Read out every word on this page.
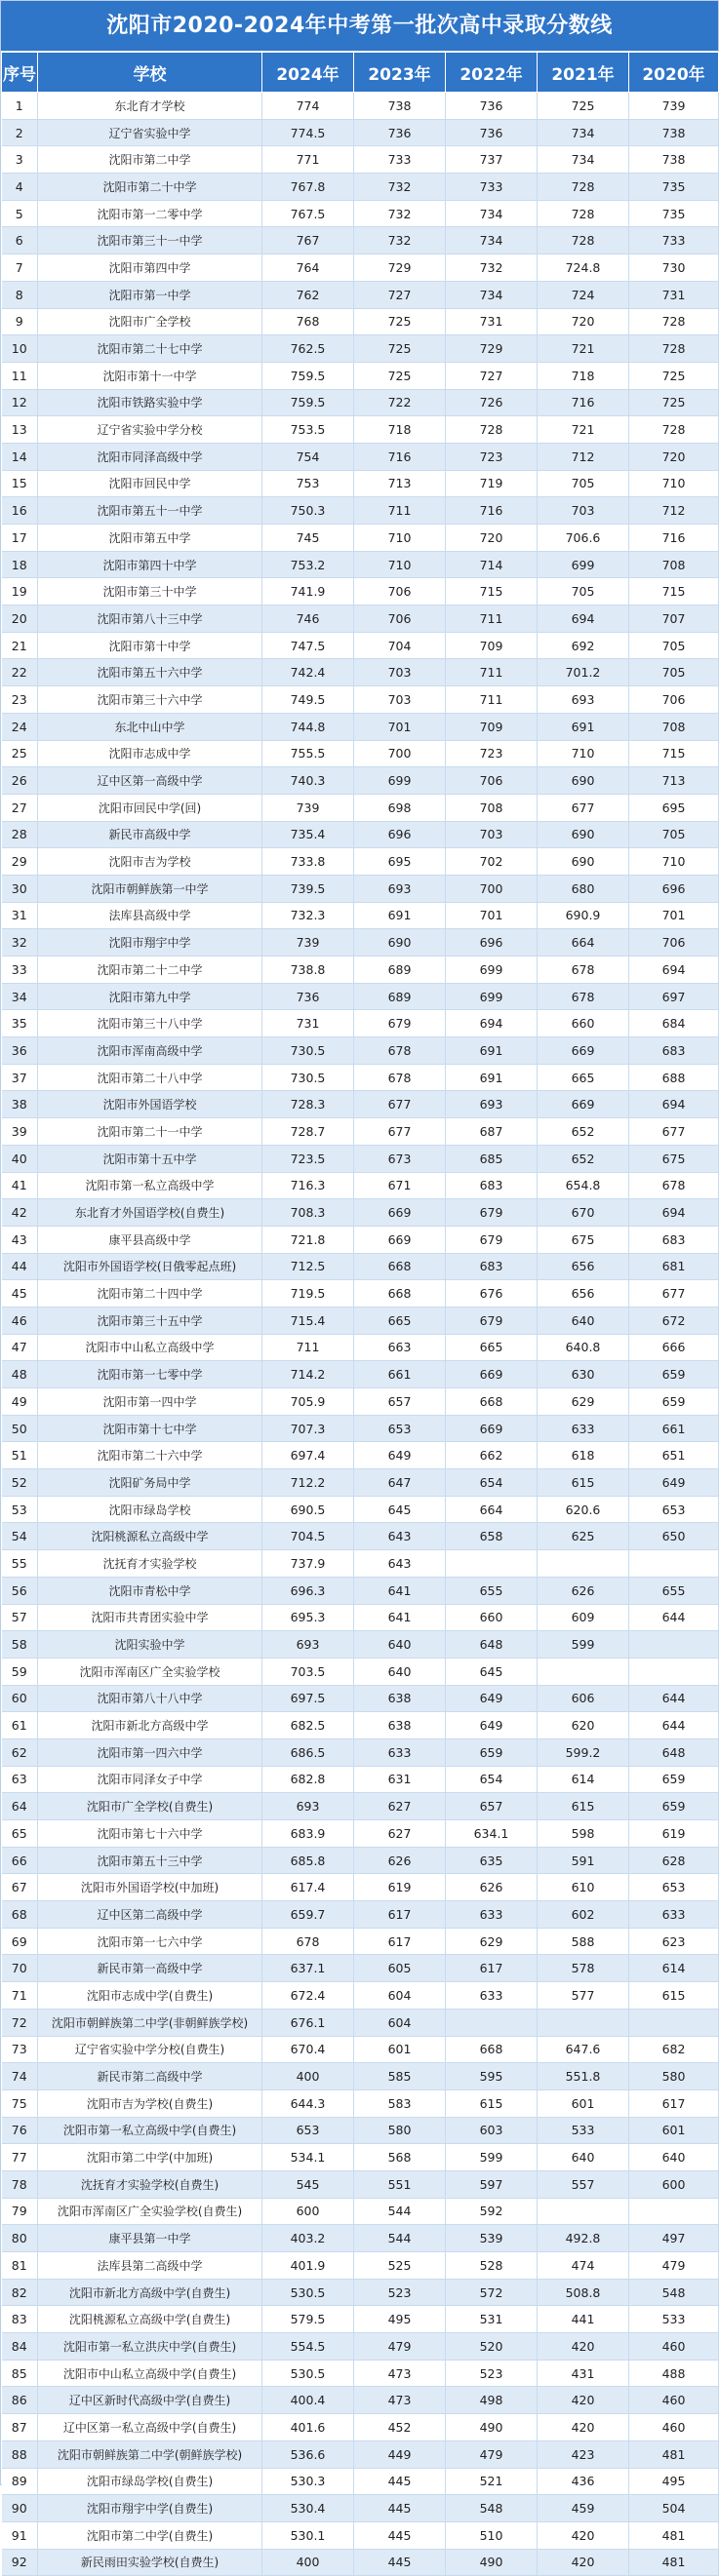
沈阳市2020-2024年中考第一批次高中录取分数线
序号	学校	2024年	2023年	2022年	2021年	2020年
1	东北育才学校	774	738	736	725	739
2	辽宁省实验中学	774.5	736	736	734	738
3	沈阳市第二中学	771	733	737	734	738
4	沈阳市第二十中学	767.8	732	733	728	735
5	沈阳市第一二零中学	767.5	732	734	728	735
6	沈阳市第三十一中学	767	732	734	728	733
7	沈阳市第四中学	764	729	732	724.8	730
8	沈阳市第一中学	762	727	734	724	731
9	沈阳市广全学校	768	725	731	720	728
10	沈阳市第二十七中学	762.5	725	729	721	728
11	沈阳市第十一中学	759.5	725	727	718	725
12	沈阳市铁路实验中学	759.5	722	726	716	725
13	辽宁省实验中学分校	753.5	718	728	721	728
14	沈阳市同泽高级中学	754	716	723	712	720
15	沈阳市回民中学	753	713	719	705	710
16	沈阳市第五十一中学	750.3	711	716	703	712
17	沈阳市第五中学	745	710	720	706.6	716
18	沈阳市第四十中学	753.2	710	714	699	708
19	沈阳市第三十中学	741.9	706	715	705	715
20	沈阳市第八十三中学	746	706	711	694	707
21	沈阳市第十中学	747.5	704	709	692	705
22	沈阳市第五十六中学	742.4	703	711	701.2	705
23	沈阳市第三十六中学	749.5	703	711	693	706
24	东北中山中学	744.8	701	709	691	708
25	沈阳市志成中学	755.5	700	723	710	715
26	辽中区第一高级中学	740.3	699	706	690	713
27	沈阳市回民中学(回)	739	698	708	677	695
28	新民市高级中学	735.4	696	703	690	705
29	沈阳市吉为学校	733.8	695	702	690	710
30	沈阳市朝鲜族第一中学	739.5	693	700	680	696
31	法库县高级中学	732.3	691	701	690.9	701
32	沈阳市翔宇中学	739	690	696	664	706
33	沈阳市第二十二中学	738.8	689	699	678	694
34	沈阳市第九中学	736	689	699	678	697
35	沈阳市第三十八中学	731	679	694	660	684
36	沈阳市浑南高级中学	730.5	678	691	669	683
37	沈阳市第二十八中学	730.5	678	691	665	688
38	沈阳市外国语学校	728.3	677	693	669	694
39	沈阳市第二十一中学	728.7	677	687	652	677
40	沈阳市第十五中学	723.5	673	685	652	675
41	沈阳市第一私立高级中学	716.3	671	683	654.8	678
42	东北育才外国语学校(自费生)	708.3	669	679	670	694
43	康平县高级中学	721.8	669	679	675	683
44	沈阳市外国语学校(日俄零起点班)	712.5	668	683	656	681
45	沈阳市第二十四中学	719.5	668	676	656	677
46	沈阳市第三十五中学	715.4	665	679	640	672
47	沈阳市中山私立高级中学	711	663	665	640.8	666
48	沈阳市第一七零中学	714.2	661	669	630	659
49	沈阳市第一四中学	705.9	657	668	629	659
50	沈阳市第十七中学	707.3	653	669	633	661
51	沈阳市第二十六中学	697.4	649	662	618	651
52	沈阳矿务局中学	712.2	647	654	615	649
53	沈阳市绿岛学校	690.5	645	664	620.6	653
54	沈阳桃源私立高级中学	704.5	643	658	625	650
55	沈抚育才实验学校	737.9	643			
56	沈阳市青松中学	696.3	641	655	626	655
57	沈阳市共青团实验中学	695.3	641	660	609	644
58	沈阳实验中学	693	640	648	599	
59	沈阳市浑南区广全实验学校	703.5	640	645		
60	沈阳市第八十八中学	697.5	638	649	606	644
61	沈阳市新北方高级中学	682.5	638	649	620	644
62	沈阳市第一四六中学	686.5	633	659	599.2	648
63	沈阳市同泽女子中学	682.8	631	654	614	659
64	沈阳市广全学校(自费生)	693	627	657	615	659
65	沈阳市第七十六中学	683.9	627	634.1	598	619
66	沈阳市第五十三中学	685.8	626	635	591	628
67	沈阳市外国语学校(中加班)	617.4	619	626	610	653
68	辽中区第二高级中学	659.7	617	633	602	633
69	沈阳市第一七六中学	678	617	629	588	623
70	新民市第一高级中学	637.1	605	617	578	614
71	沈阳市志成中学(自费生)	672.4	604	633	577	615
72	沈阳市朝鲜族第二中学(非朝鲜族学校)	676.1	604			
73	辽宁省实验中学分校(自费生)	670.4	601	668	647.6	682
74	新民市第二高级中学	400	585	595	551.8	580
75	沈阳市吉为学校(自费生)	644.3	583	615	601	617
76	沈阳市第一私立高级中学(自费生)	653	580	603	533	601
77	沈阳市第二中学(中加班)	534.1	568	599	640	640
78	沈抚育才实验学校(自费生)	545	551	597	557	600
79	沈阳市浑南区广全实验学校(自费生)	600	544	592		
80	康平县第一中学	403.2	544	539	492.8	497
81	法库县第二高级中学	401.9	525	528	474	479
82	沈阳市新北方高级中学(自费生)	530.5	523	572	508.8	548
83	沈阳桃源私立高级中学(自费生)	579.5	495	531	441	533
84	沈阳市第一私立洪庆中学(自费生)	554.5	479	520	420	460
85	沈阳市中山私立高级中学(自费生)	530.5	473	523	431	488
86	辽中区新时代高级中学(自费生)	400.4	473	498	420	460
87	辽中区第一私立高级中学(自费生)	401.6	452	490	420	460
88	沈阳市朝鲜族第二中学(朝鲜族学校)	536.6	449	479	423	481
89	沈阳市绿岛学校(自费生)	530.3	445	521	436	495
90	沈阳市翔宇中学(自费生)	530.4	445	548	459	504
91	沈阳市第二中学(自费生)	530.1	445	510	420	481
92	新民雨田实验学校(自费生)	400	445	490	420	481
